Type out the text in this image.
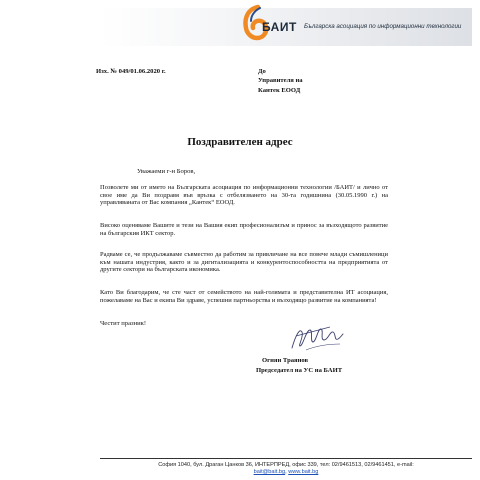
БАИТ Българска асоциация по информационни технологии
Изх. № 049/01.06.2020 г.	До
Управителя на
Кантек ЕООД
Поздравителен адрес
Уважаеми г-н Боров,
Позволете ми от името на Българската асоциация по информационни технологии /БАИТ/ и лично от свое име да Ви поздравя във връзка с отбелязването на 30-та годишнина (30.05.1990 г.) на управляваната от Вас компания „Кантек“ ЕООД.
Високо оценяваме Вашите и тези на Вашия екип професионализъм и принос за възходящото развитие на българския ИКТ сектор.
Радваме се, че продължаваме съвместно да работим за привличане на все повече млади съмишленици към нашата индустрия, както и за дигитализацията и конкурентоспособността на предприятията от другите сектори на българската икономика.
Като Ви благодарим, че сте част от семейството на най-голямата и представителна ИТ асоциация, пожелаваме на Вас и екипа Ви здраве, успешни партньорства и възходящо развитие на компанията!
Честит празник!
Огнян Траянов
Председател на УС на БАИТ
София 1040, бул. Драган Цанков 36, ИНТЕРПРЕД, офис 339, тел: 02/9461513, 02/9461451, e-mail:
bait@bait.bg, www.bait.bg
